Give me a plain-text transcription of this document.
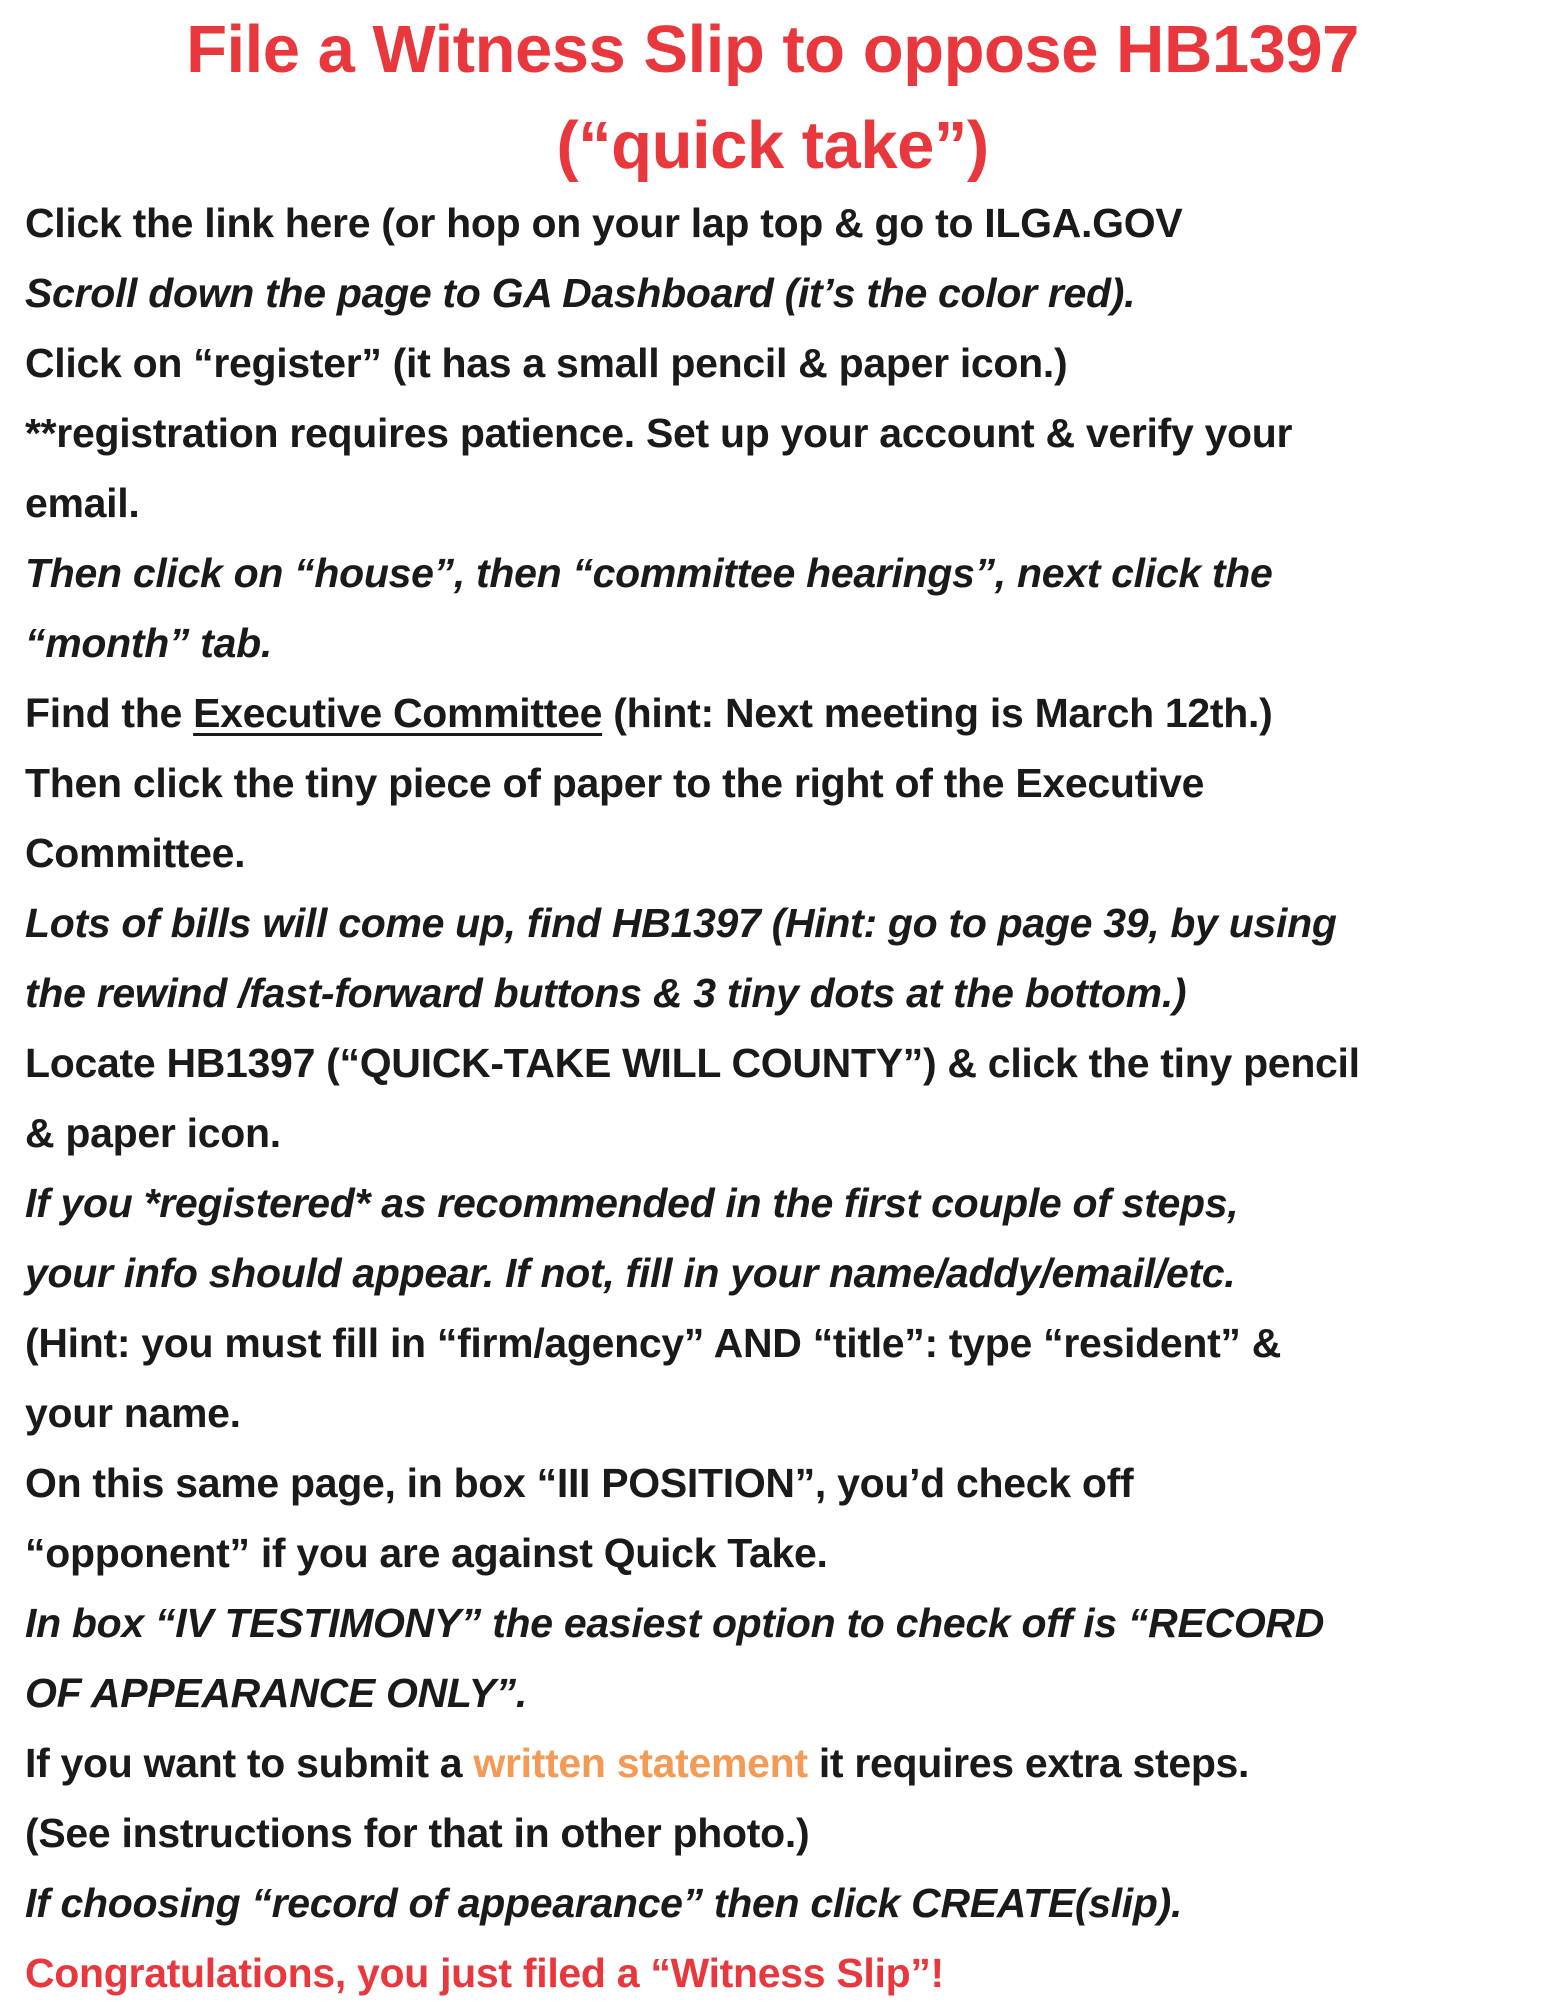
File a Witness Slip to oppose HB1397
(“quick take”)
Click the link here (or hop on your lap top & go to ILGA.GOV
Scroll down the page to GA Dashboard (it’s the color red).
Click on “register” (it has a small pencil & paper icon.)
**registration requires patience. Set up your account & verify your
email.
Then click on “house”, then “committee hearings”, next click the
“month” tab.
Find the Executive Committee (hint: Next meeting is March 12th.)
Then click the tiny piece of paper to the right of the Executive
Committee.
Lots of bills will come up, find HB1397 (Hint: go to page 39, by using
the rewind /fast-forward buttons & 3 tiny dots at the bottom.)
Locate HB1397 (“QUICK-TAKE WILL COUNTY”) & click the tiny pencil
& paper icon.
If you *registered* as recommended in the first couple of steps,
your info should appear. If not, fill in your name/addy/email/etc.
(Hint: you must fill in “firm/agency” AND “title”: type “resident” &
your name.
On this same page, in box “III POSITION”, you’d check off
“opponent” if you are against Quick Take.
In box “IV TESTIMONY” the easiest option to check off is “RECORD
OF APPEARANCE ONLY”.
If you want to submit a written statement it requires extra steps.
(See instructions for that in other photo.)
If choosing “record of appearance” then click CREATE(slip).
Congratulations, you just filed a “Witness Slip”!
